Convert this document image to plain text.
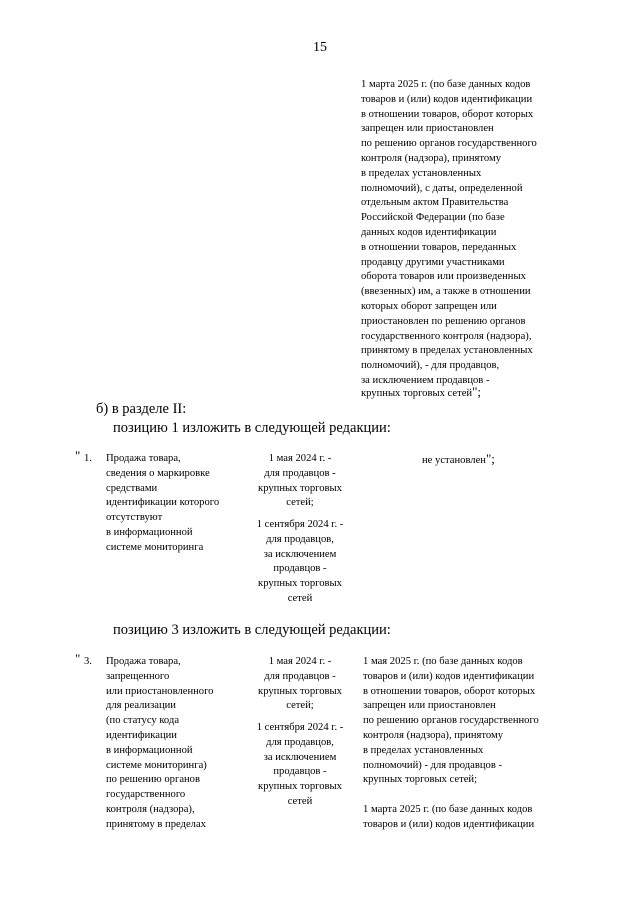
15
1 марта 2025 г. (по базе данных кодов
товаров и (или) кодов идентификации
в отношении товаров, оборот которых
запрещен или приостановлен
по решению органов государственного
контроля (надзора), принятому
в пределах установленных
полномочий), с даты, определенной
отдельным актом Правительства
Российской Федерации (по базе
данных кодов идентификации
в отношении товаров, переданных
продавцу другими участниками
оборота товаров или произведенных
(ввезенных) им, а также в отношении
которых оборот запрещен или
приостановлен по решению органов
государственного контроля (надзора),
принятому в пределах установленных
полномочий), - для продавцов,
за исключением продавцов -
крупных торговых сетей";
б) в разделе II:
позицию 1 изложить в следующей редакции:
" 1. Продажа товара,
сведения о маркировке
средствами
идентификации которого
отсутствуют
в информационной
системе мониторинга
1 мая 2024 г. -
для продавцов -
крупных торговых
сетей;
1 сентября 2024 г. -
для продавцов,
за исключением
продавцов -
крупных торговых
сетей
не установлен";
позицию 3 изложить в следующей редакции:
" 3. Продажа товара,
запрещенного
или приостановленного
для реализации
(по статусу кода
идентификации
в информационной
системе мониторинга)
по решению органов
государственного
контроля (надзора),
принятому в пределах
1 мая 2024 г. -
для продавцов -
крупных торговых
сетей;
1 сентября 2024 г. -
для продавцов,
за исключением
продавцов -
крупных торговых
сетей
1 мая 2025 г. (по базе данных кодов
товаров и (или) кодов идентификации
в отношении товаров, оборот которых
запрещен или приостановлен
по решению органов государственного
контроля (надзора), принятому
в пределах установленных
полномочий) - для продавцов -
крупных торговых сетей;
1 марта 2025 г. (по базе данных кодов
товаров и (или) кодов идентификации
